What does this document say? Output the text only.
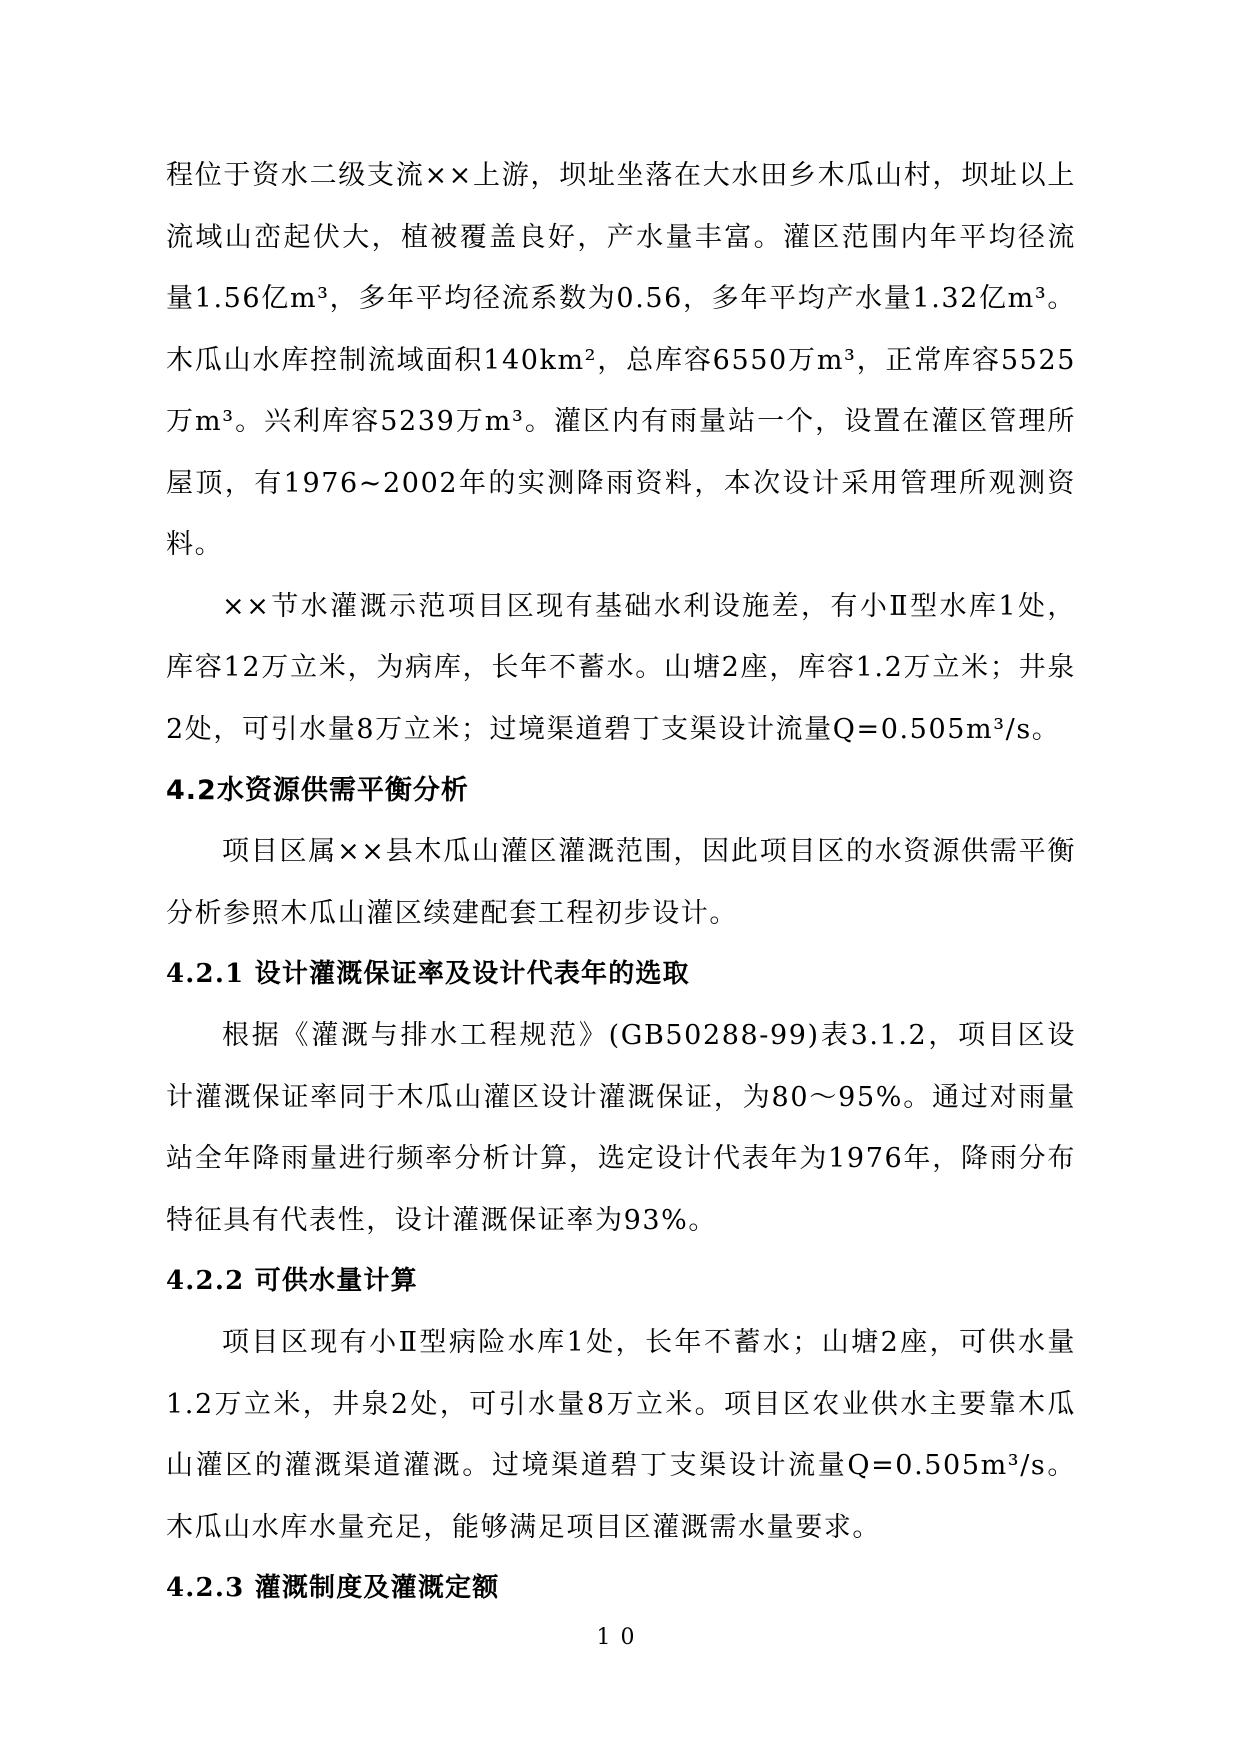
程位于资水二级支流××上游，坝址坐落在大水田乡木瓜山村，坝址以上流域山峦起伏大，植被覆盖良好，产水量丰富。灌区范围内年平均径流量1.56亿m³，多年平均径流系数为0.56，多年平均产水量1.32亿m³。木瓜山水库控制流域面积140km²，总库容6550万m³，正常库容5525万m³。兴利库容5239万m³。灌区内有雨量站一个，设置在灌区管理所屋顶，有1976~2002年的实测降雨资料，本次设计采用管理所观测资料。

××节水灌溉示范项目区现有基础水利设施差，有小Ⅱ型水库1处，库容12万立米，为病库，长年不蓄水。山塘2座，库容1.2万立米；井泉2处，可引水量8万立米；过境渠道碧丁支渠设计流量Q=0.505m³/s。

4.2水资源供需平衡分析

项目区属××县木瓜山灌区灌溉范围，因此项目区的水资源供需平衡分析参照木瓜山灌区续建配套工程初步设计。

4.2.1 设计灌溉保证率及设计代表年的选取

根据《灌溉与排水工程规范》(GB50288-99)表3.1.2，项目区设计灌溉保证率同于木瓜山灌区设计灌溉保证，为80～95%。通过对雨量站全年降雨量进行频率分析计算，选定设计代表年为1976年，降雨分布特征具有代表性，设计灌溉保证率为93%。

4.2.2 可供水量计算

项目区现有小Ⅱ型病险水库1处，长年不蓄水；山塘2座，可供水量1.2万立米，井泉2处，可引水量8万立米。项目区农业供水主要靠木瓜山灌区的灌溉渠道灌溉。过境渠道碧丁支渠设计流量Q=0.505m³/s。木瓜山水库水量充足，能够满足项目区灌溉需水量要求。

4.2.3 灌溉制度及灌溉定额
10
